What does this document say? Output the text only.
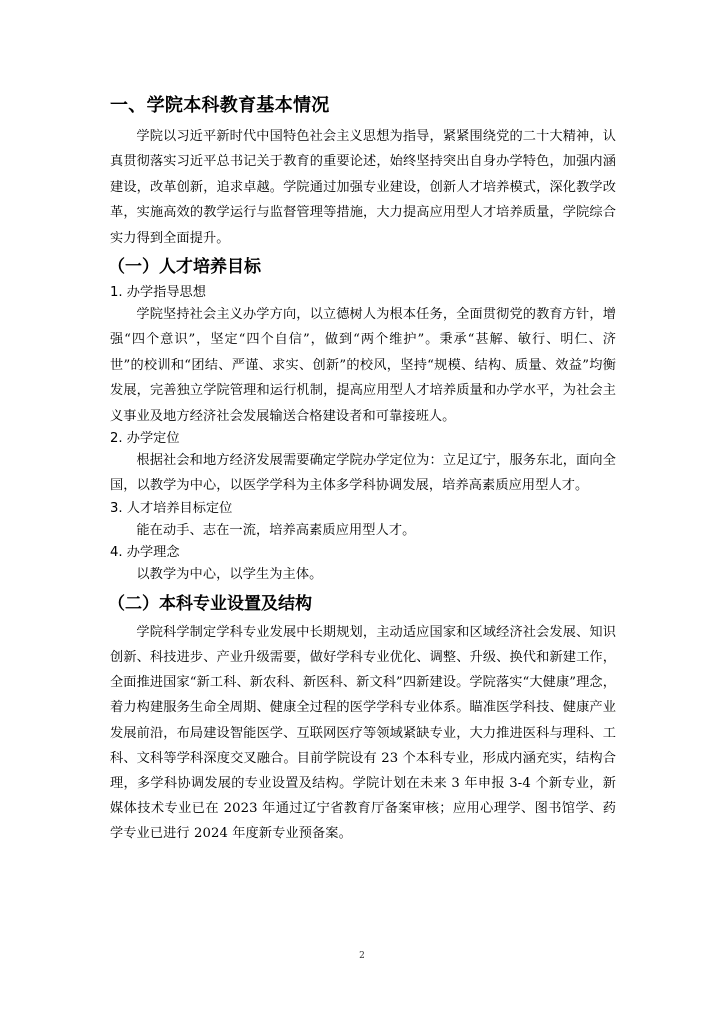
一、学院本科教育基本情况

学院以习近平新时代中国特色社会主义思想为指导，紧紧围绕党的二十大精神，认真贯彻落实习近平总书记关于教育的重要论述，始终坚持突出自身办学特色，加强内涵建设，改革创新，追求卓越。学院通过加强专业建设，创新人才培养模式，深化教学改革，实施高效的教学运行与监督管理等措施，大力提高应用型人才培养质量，学院综合实力得到全面提升。

（一）人才培养目标
1. 办学指导思想

学院坚持社会主义办学方向，以立德树人为根本任务，全面贯彻党的教育方针，增强“四个意识”，坚定“四个自信”，做到“两个维护”。秉承“甚解、敏行、明仁、济世”的校训和“团结、严谨、求实、创新”的校风，坚持“规模、结构、质量、效益”均衡发展，完善独立学院管理和运行机制，提高应用型人才培养质量和办学水平，为社会主义事业及地方经济社会发展输送合格建设者和可靠接班人。

2. 办学定位

根据社会和地方经济发展需要确定学院办学定位为：立足辽宁，服务东北，面向全国，以教学为中心，以医学学科为主体多学科协调发展，培养高素质应用型人才。

3. 人才培养目标定位

能在动手、志在一流，培养高素质应用型人才。

4. 办学理念

以教学为中心，以学生为主体。

（二）本科专业设置及结构

学院科学制定学科专业发展中长期规划，主动适应国家和区域经济社会发展、知识创新、科技进步、产业升级需要，做好学科专业优化、调整、升级、换代和新建工作，全面推进国家“新工科、新农科、新医科、新文科”四新建设。学院落实“大健康”理念，着力构建服务生命全周期、健康全过程的医学学科专业体系。瞄准医学科技、健康产业发展前沿，布局建设智能医学、互联网医疗等领域紧缺专业，大力推进医科与理科、工科、文科等学科深度交叉融合。目前学院设有 23 个本科专业，形成内涵充实，结构合理，多学科协调发展的专业设置及结构。学院计划在未来 3 年申报 3-4 个新专业，新媒体技术专业已在 2023 年通过辽宁省教育厅备案审核；应用心理学、图书馆学、药学专业已进行 2024 年度新专业预备案。

2
